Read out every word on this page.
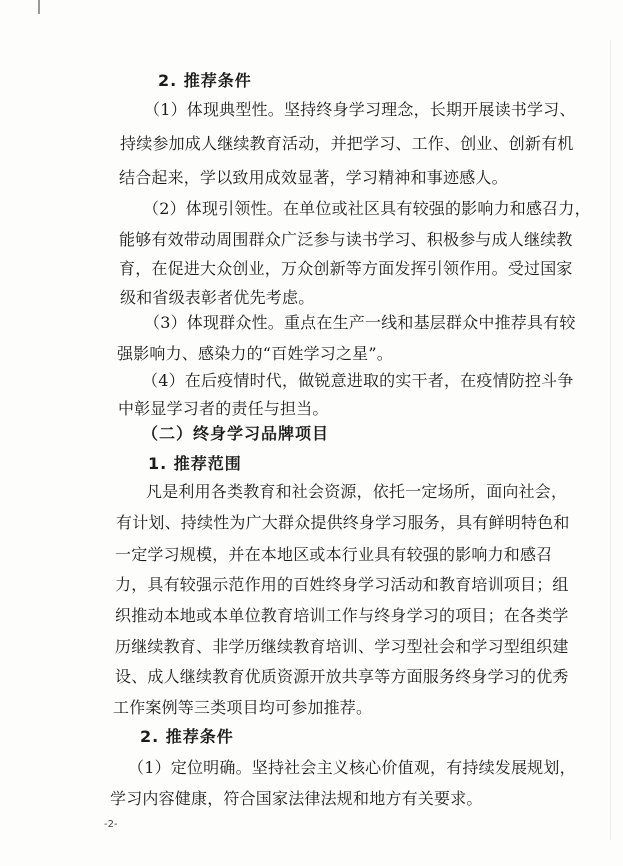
2. 推荐条件
（1）体现典型性。坚持终身学习理念，长期开展读书学习、
持续参加成人继续教育活动，并把学习、工作、创业、创新有机
结合起来，学以致用成效显著，学习精神和事迹感人。
（2）体现引领性。在单位或社区具有较强的影响力和感召力，
能够有效带动周围群众广泛参与读书学习、积极参与成人继续教
育，在促进大众创业，万众创新等方面发挥引领作用。受过国家
级和省级表彰者优先考虑。
（3）体现群众性。重点在生产一线和基层群众中推荐具有较
强影响力、感染力的“百姓学习之星”。
（4）在后疫情时代，做锐意进取的实干者，在疫情防控斗争
中彰显学习者的责任与担当。
（二）终身学习品牌项目
1. 推荐范围
凡是利用各类教育和社会资源，依托一定场所，面向社会，
有计划、持续性为广大群众提供终身学习服务，具有鲜明特色和
一定学习规模，并在本地区或本行业具有较强的影响力和感召
力，具有较强示范作用的百姓终身学习活动和教育培训项目；组
织推动本地或本单位教育培训工作与终身学习的项目；在各类学
历继续教育、非学历继续教育培训、学习型社会和学习型组织建
设、成人继续教育优质资源开放共享等方面服务终身学习的优秀
工作案例等三类项目均可参加推荐。
2. 推荐条件
（1）定位明确。坚持社会主义核心价值观，有持续发展规划，
学习内容健康，符合国家法律法规和地方有关要求。
-2-
